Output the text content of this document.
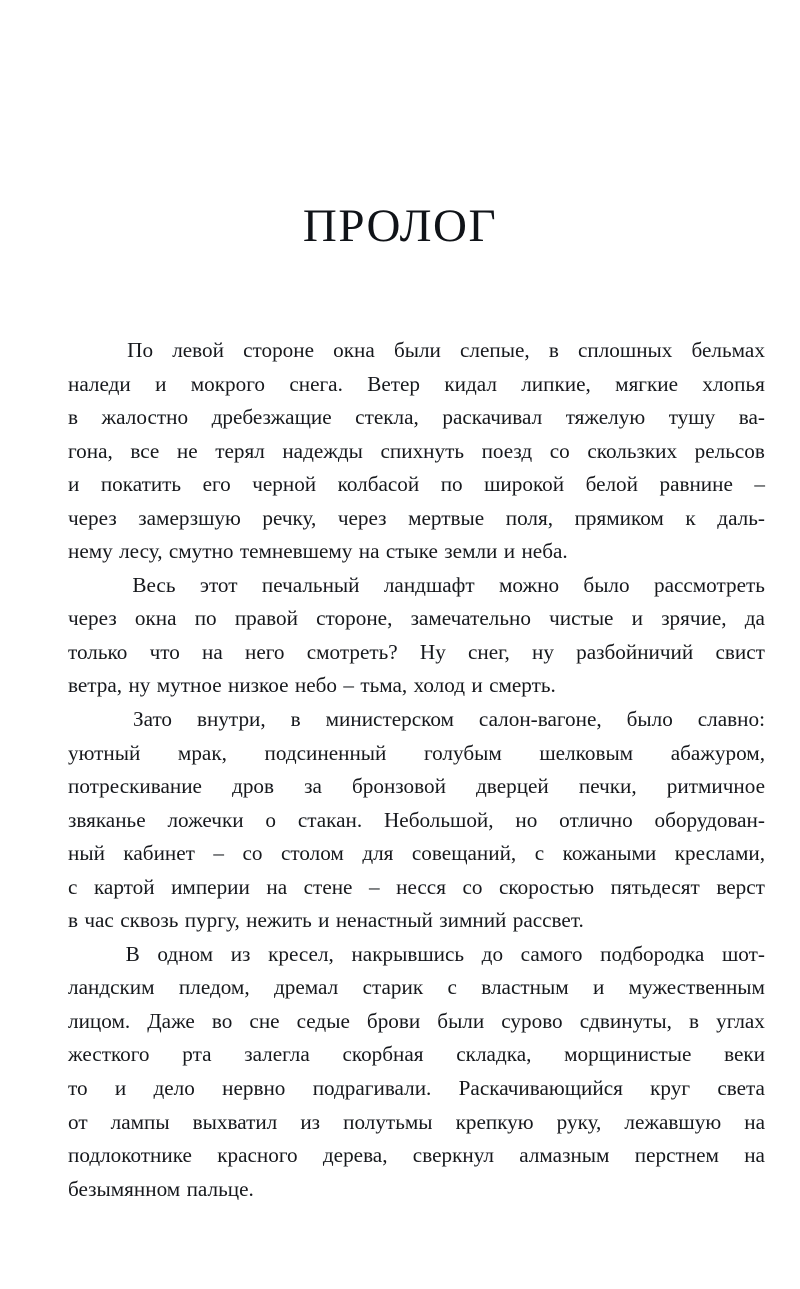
ПРОЛОГ
По левой стороне окна были слепые, в сплошных бельмах
наледи и мокрого снега. Ветер кидал липкие, мягкие хлопья
в жалостно дребезжащие стекла, раскачивал тяжелую тушу ва-
гона, все не терял надежды спихнуть поезд со скользких рельсов
и покатить его черной колбасой по широкой белой равнине –
через замерзшую речку, через мертвые поля, прямиком к даль-
нему лесу, смутно темневшему на стыке земли и неба.
Весь этот печальный ландшафт можно было рассмотреть
через окна по правой стороне, замечательно чистые и зрячие, да
только что на него смотреть? Ну снег, ну разбойничий свист
ветра, ну мутное низкое небо – тьма, холод и смерть.
Зато внутри, в министерском салон-вагоне, было славно:
уютный мрак, подсиненный голубым шелковым абажуром,
потрескивание дров за бронзовой дверцей печки, ритмичное
звяканье ложечки о стакан. Небольшой, но отлично оборудован-
ный кабинет – со столом для совещаний, с кожаными креслами,
с картой империи на стене – несся со скоростью пятьдесят верст
в час сквозь пургу, нежить и ненастный зимний рассвет.
В одном из кресел, накрывшись до самого подбородка шот-
ландским пледом, дремал старик с властным и мужественным
лицом. Даже во сне седые брови были сурово сдвинуты, в углах
жесткого рта залегла скорбная складка, морщинистые веки
то и дело нервно подрагивали. Раскачивающийся круг света
от лампы выхватил из полутьмы крепкую руку, лежавшую на
подлокотнике красного дерева, сверкнул алмазным перстнем на
безымянном пальце.
